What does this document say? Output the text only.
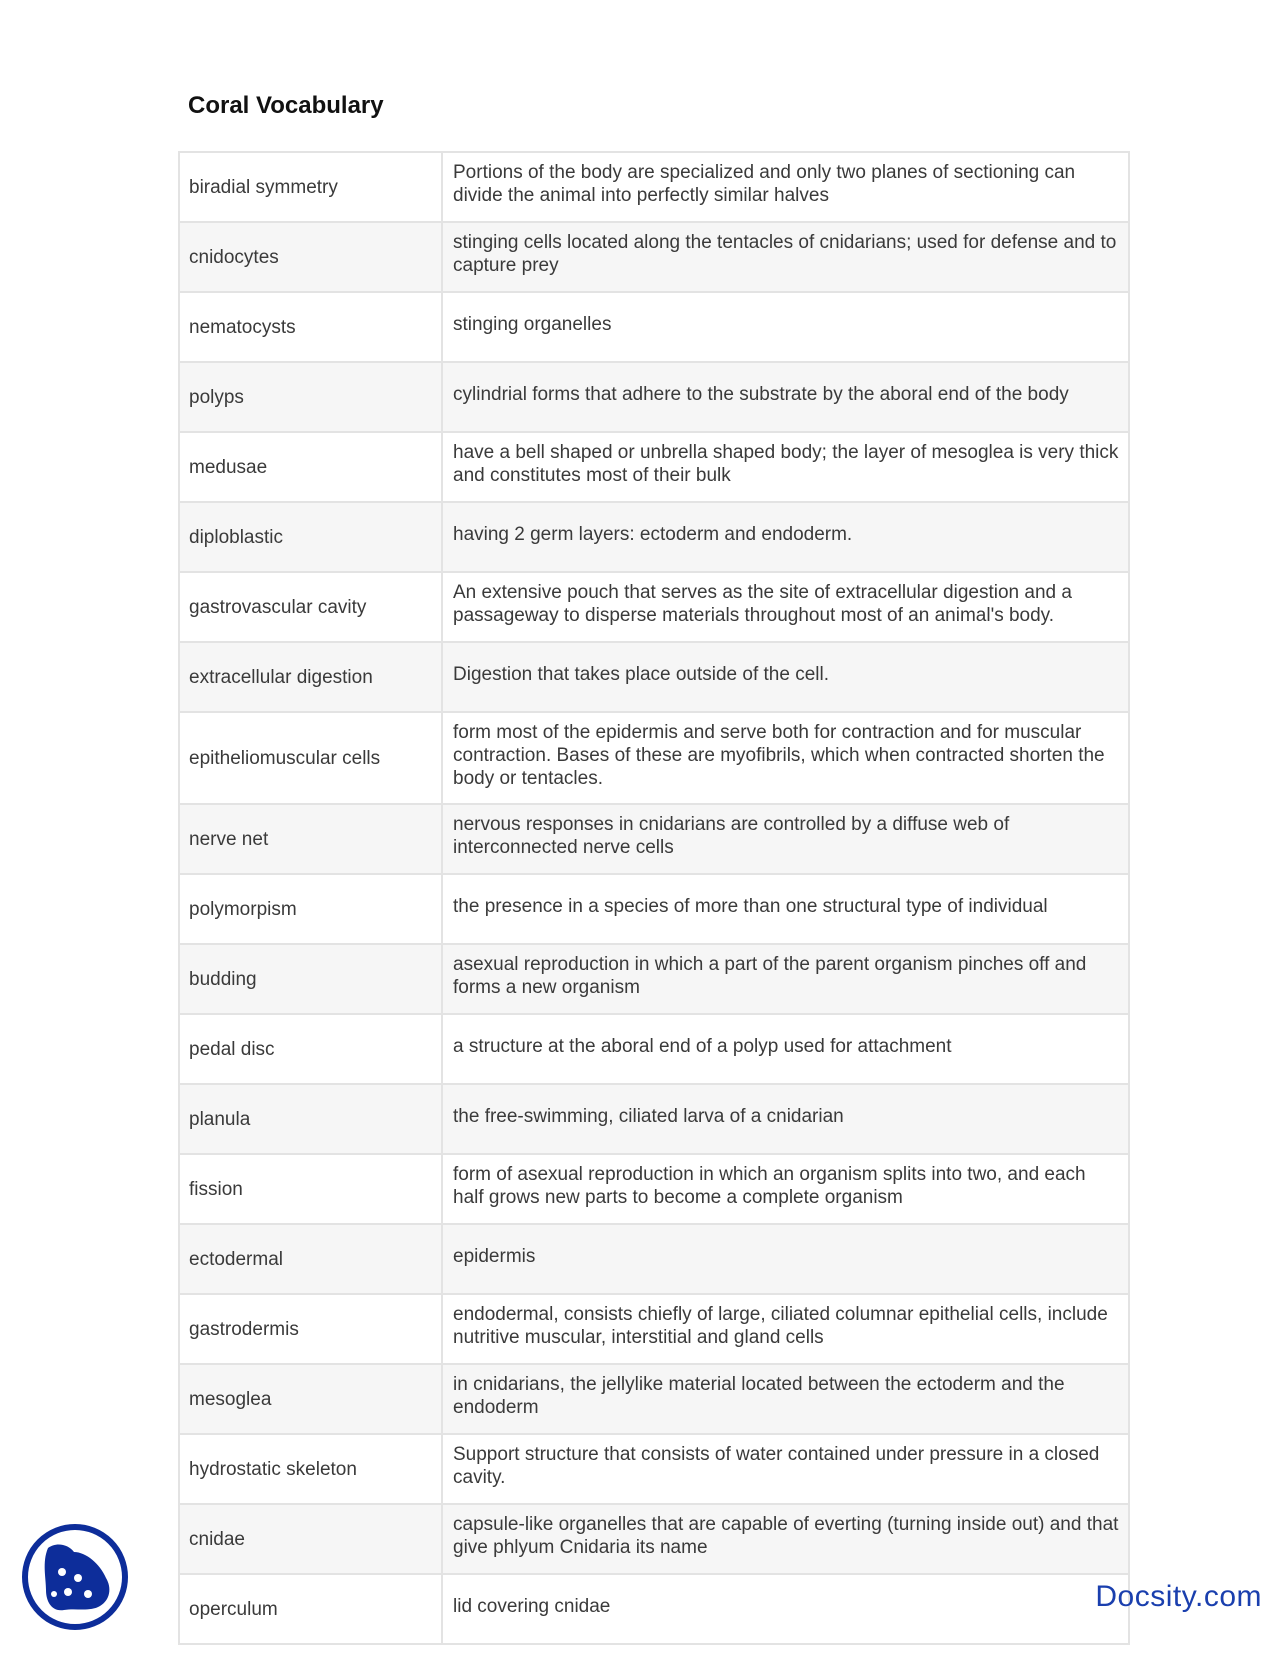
Coral Vocabulary
biradial symmetry	Portions of the body are specialized and only two planes of sectioning can divide the animal into perfectly similar halves

cnidocytes	stinging cells located along the tentacles of cnidarians; used for defense and to capture prey

nematocysts	stinging organelles

polyps	cylindrial forms that adhere to the substrate by the aboral end of the body

medusae	have a bell shaped or unbrella shaped body; the layer of mesoglea is very thick and constitutes most of their bulk

diploblastic	having 2 germ layers: ectoderm and endoderm.

gastrovascular cavity	An extensive pouch that serves as the site of extracellular digestion and a passageway to disperse materials throughout most of an animal's body.

extracellular digestion	Digestion that takes place outside of the cell.

epitheliomuscular cells	form most of the epidermis and serve both for contraction and for muscular contraction. Bases of these are myofibrils, which when contracted shorten the body or tentacles.

nerve net	nervous responses in cnidarians are controlled by a diffuse web of interconnected nerve cells

polymorpism	the presence in a species of more than one structural type of individual

budding	asexual reproduction in which a part of the parent organism pinches off and forms a new organism

pedal disc	a structure at the aboral end of a polyp used for attachment

planula	the free-swimming, ciliated larva of a cnidarian

fission	form of asexual reproduction in which an organism splits into two, and each half grows new parts to become a complete organism

ectodermal	epidermis

gastrodermis	endodermal, consists chiefly of large, ciliated columnar epithelial cells, include nutritive muscular, interstitial and gland cells

mesoglea	in cnidarians, the jellylike material located between the ectoderm and the endoderm

hydrostatic skeleton	Support structure that consists of water contained under pressure in a closed cavity.

cnidae	capsule-like organelles that are capable of everting (turning inside out) and that give phlyum Cnidaria its name

operculum	lid covering cnidae	Docsity.com
